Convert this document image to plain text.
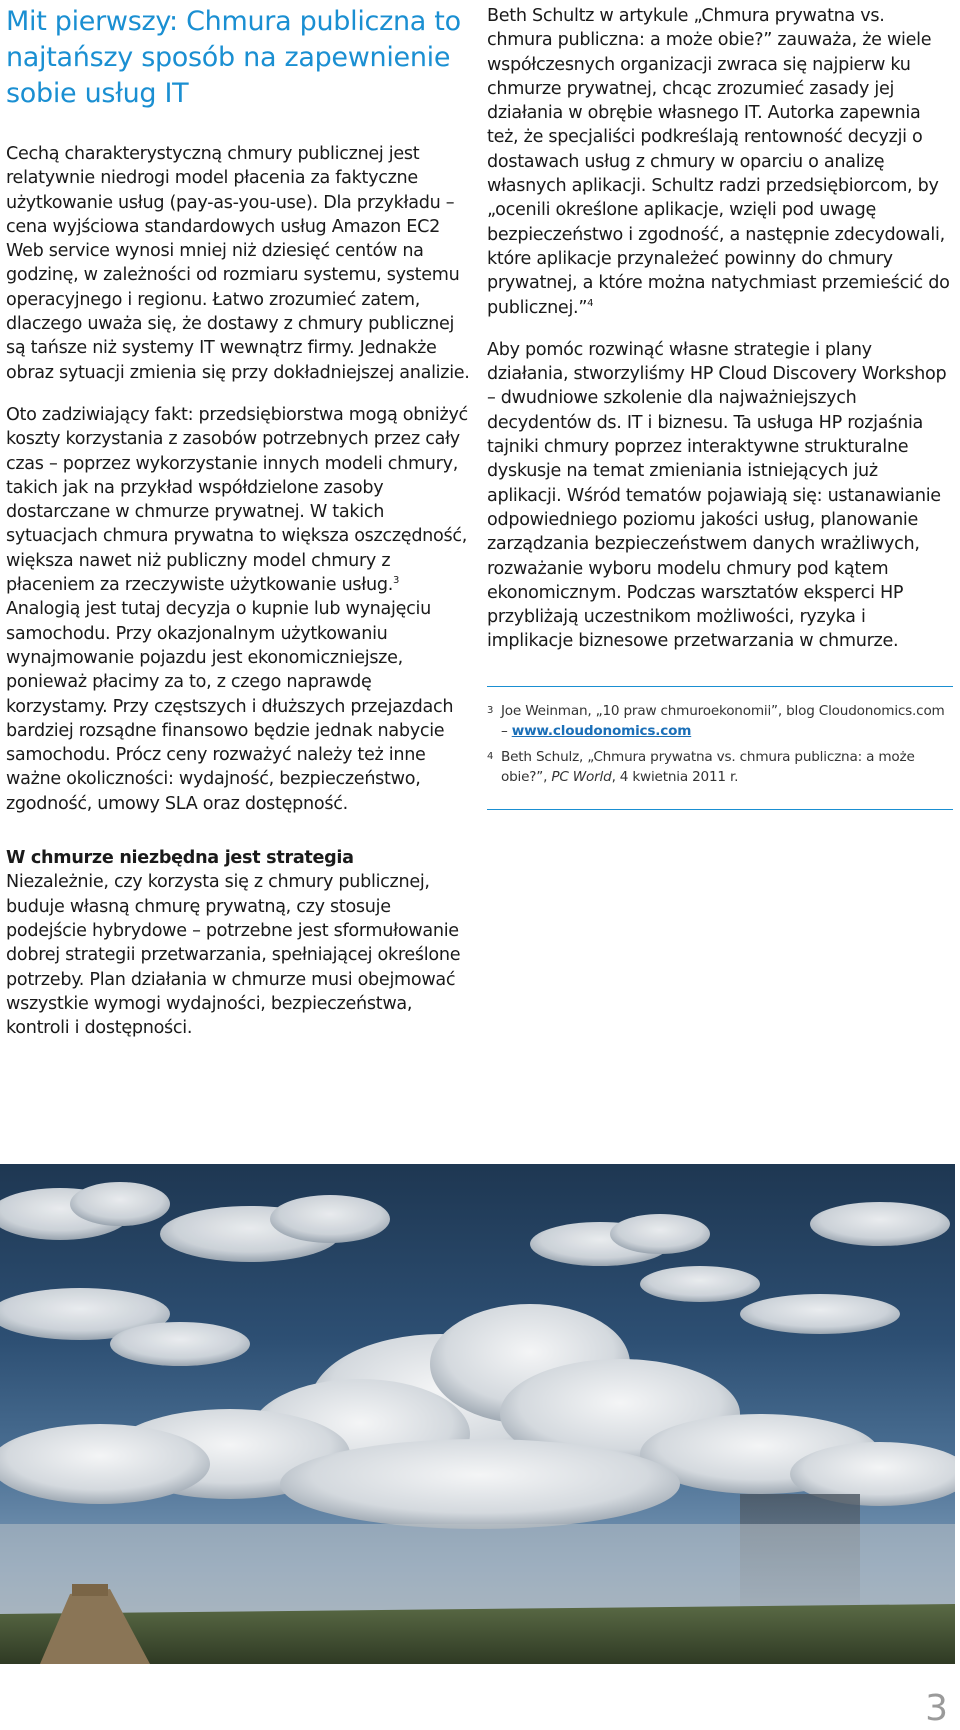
Mit pierwszy: Chmura publiczna to najtańszy sposób na zapewnienie sobie usług IT

Cechą charakterystyczną chmury publicznej jest relatywnie niedrogi model płacenia za faktyczne użytkowanie usług (pay-as-you-use). Dla przykładu – cena wyjściowa standardowych usług Amazon EC2 Web service wynosi mniej niż dziesięć centów na godzinę, w zależności od rozmiaru systemu, systemu operacyjnego i regionu. Łatwo zrozumieć zatem, dlaczego uważa się, że dostawy z chmury publicznej są tańsze niż systemy IT wewnątrz firmy. Jednakże obraz sytuacji zmienia się przy dokładniejszej analizie.

Oto zadziwiający fakt: przedsiębiorstwa mogą obniżyć koszty korzystania z zasobów potrzebnych przez cały czas – poprzez wykorzystanie innych modeli chmury, takich jak na przykład współdzielone zasoby dostarczane w chmurze prywatnej. W takich sytuacjach chmura prywatna to większa oszczędność, większa nawet niż publiczny model chmury z płaceniem za rzeczywiste użytkowanie usług.$^3$ Analogią jest tutaj decyzja o kupnie lub wynajęciu samochodu. Przy okazjonalnym użytkowaniu wynajmowanie pojazdu jest ekonomiczniejsze, ponieważ płacimy za to, z czego naprawdę korzystamy. Przy częstszych i dłuższych przejazdach bardziej rozsądne finansowo będzie jednak nabycie samochodu. Prócz ceny rozważyć należy też inne ważne okoliczności: wydajność, bezpieczeństwo, zgodność, umowy SLA oraz dostępność.

W chmurze niezbędna jest strategia
Niezależnie, czy korzysta się z chmury publicznej, buduje własną chmurę prywatną, czy stosuje podejście hybrydowe – potrzebne jest sformułowanie dobrej strategii przetwarzania, spełniającej określone potrzeby. Plan działania w chmurze musi obejmować wszystkie wymogi wydajności, bezpieczeństwa, kontroli i dostępności.

Beth Schultz w artykule „Chmura prywatna vs. chmura publiczna: a może obie?” zauważa, że wiele współczesnych organizacji zwraca się najpierw ku chmurze prywatnej, chcąc zrozumieć zasady jej działania w obrębie własnego IT. Autorka zapewnia też, że specjaliści podkreślają rentowność decyzji o dostawach usług z chmury w oparciu o analizę własnych aplikacji. Schultz radzi przedsiębiorcom, by „ocenili określone aplikacje, wzięli pod uwagę bezpieczeństwo i zgodność, a następnie zdecydowali, które aplikacje przynależeć powinny do chmury prywatnej, a które można natychmiast przemieścić do publicznej.”$^4$

Aby pomóc rozwinąć własne strategie i plany działania, stworzyliśmy HP Cloud Discovery Workshop – dwudniowe szkolenie dla najważniejszych decydentów ds. IT i biznesu. Ta usługa HP rozjaśnia tajniki chmury poprzez interaktywne strukturalne dyskusje na temat zmieniania istniejących już aplikacji. Wśród tematów pojawiają się: ustanawianie odpowiedniego poziomu jakości usług, planowanie zarządzania bezpieczeństwem danych wrażliwych, rozważanie wyboru modelu chmury pod kątem ekonomicznym. Podczas warsztatów eksperci HP przybliżają uczestnikom możliwości, ryzyka i implikacje biznesowe przetwarzania w chmurze.

3 Joe Weinman, „10 praw chmuroekonomii”, blog Cloudonomics.com
– www.cloudonomics.com
4 Beth Schulz, „Chmura prywatna vs. chmura publiczna: a może obie?”, PC World, 4 kwietnia 2011 r.
3
